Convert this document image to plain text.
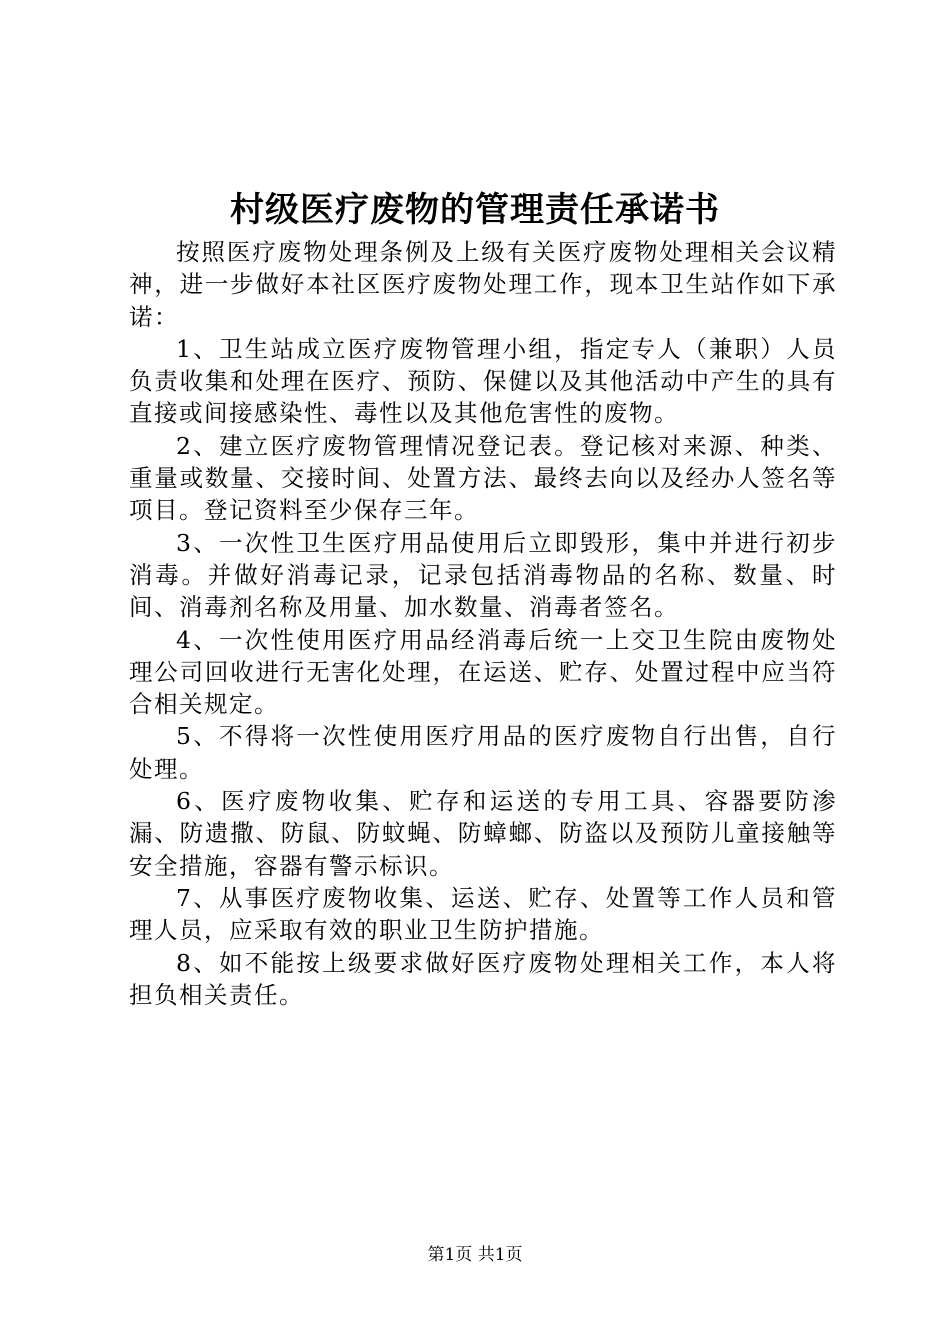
村级医疗废物的管理责任承诺书

按照医疗废物处理条例及上级有关医疗废物处理相关会议精神，进一步做好本社区医疗废物处理工作，现本卫生站作如下承诺：

1、卫生站成立医疗废物管理小组，指定专人（兼职）人员负责收集和处理在医疗、预防、保健以及其他活动中产生的具有直接或间接感染性、毒性以及其他危害性的废物。

2、建立医疗废物管理情况登记表。登记核对来源、种类、重量或数量、交接时间、处置方法、最终去向以及经办人签名等项目。登记资料至少保存三年。

3、一次性卫生医疗用品使用后立即毁形，集中并进行初步消毒。并做好消毒记录，记录包括消毒物品的名称、数量、时间、消毒剂名称及用量、加水数量、消毒者签名。

4、一次性使用医疗用品经消毒后统一上交卫生院由废物处理公司回收进行无害化处理，在运送、贮存、处置过程中应当符合相关规定。

5、不得将一次性使用医疗用品的医疗废物自行出售，自行处理。

6、医疗废物收集、贮存和运送的专用工具、容器要防渗漏、防遗撒、防鼠、防蚊蝇、防蟑螂、防盗以及预防儿童接触等安全措施，容器有警示标识。

7、从事医疗废物收集、运送、贮存、处置等工作人员和管理人员，应采取有效的职业卫生防护措施。

8、如不能按上级要求做好医疗废物处理相关工作，本人将担负相关责任。

第1页 共1页
